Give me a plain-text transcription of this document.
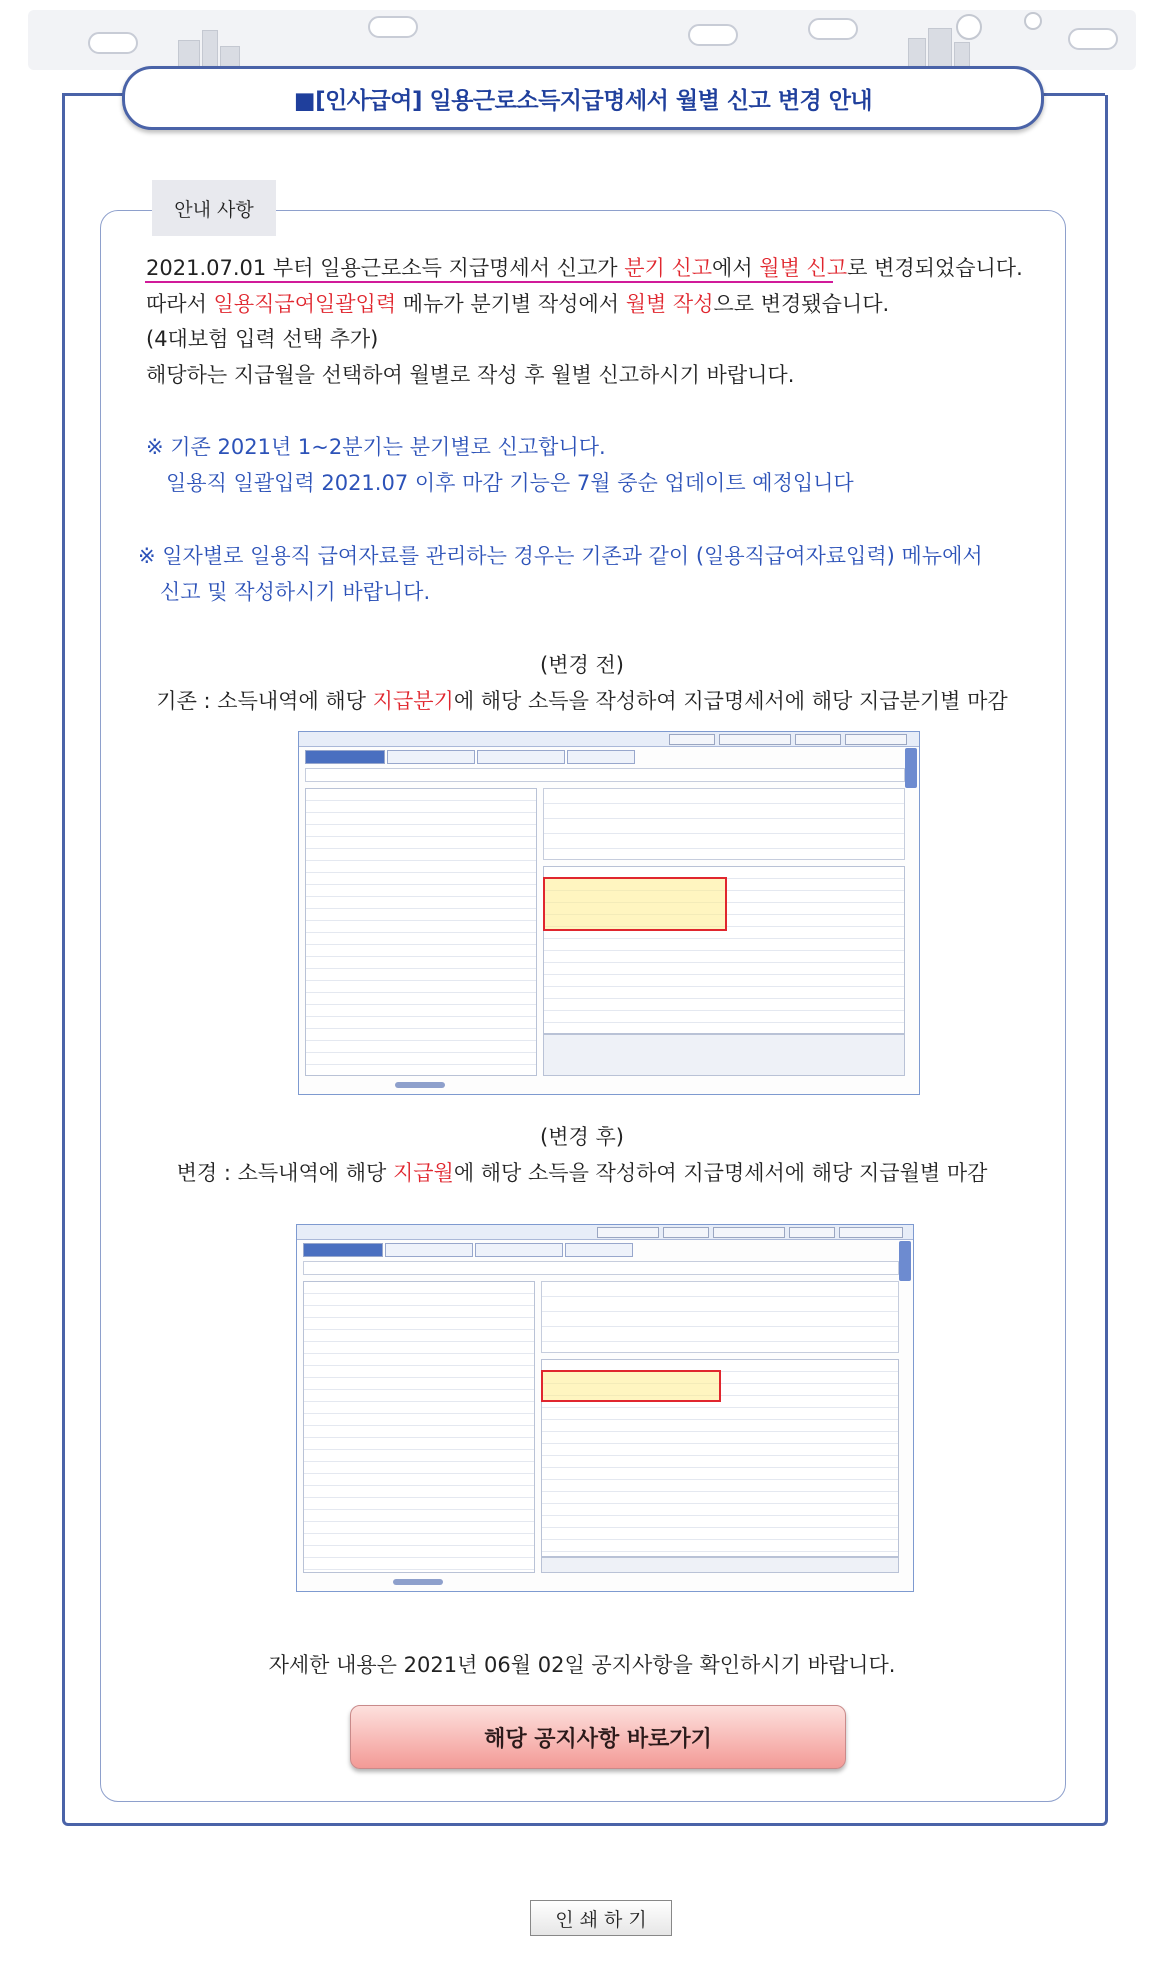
■[인사급여] 일용근로소득지급명세서 월별 신고 변경 안내
안내 사항
2021.07.01 부터 일용근로소득 지급명세서 신고가 분기 신고에서 월별 신고로 변경되었습니다.
따라서 일용직급여일괄입력 메뉴가 분기별 작성에서 월별 작성으로 변경됐습니다.
(4대보험 입력 선택 추가)
해당하는 지급월을 선택하여 월별로 작성 후 월별 신고하시기 바랍니다.
※ 기존 2021년 1~2분기는 분기별로 신고합니다.
일용직 일괄입력 2021.07 이후 마감 기능은 7월 중순 업데이트 예정입니다
※ 일자별로 일용직 급여자료를 관리하는 경우는 기존과 같이 (일용직급여자료입력) 메뉴에서
신고 및 작성하시기 바랍니다.
(변경 전)
기존 : 소득내역에 해당 지급분기에 해당 소득을 작성하여 지급명세서에 해당 지급분기별 마감
(변경 후)
변경 : 소득내역에 해당 지급월에 해당 소득을 작성하여 지급명세서에 해당 지급월별 마감
자세한 내용은 2021년 06월 02일 공지사항을 확인하시기 바랍니다.
해당 공지사항 바로가기
인 쇄 하 기
